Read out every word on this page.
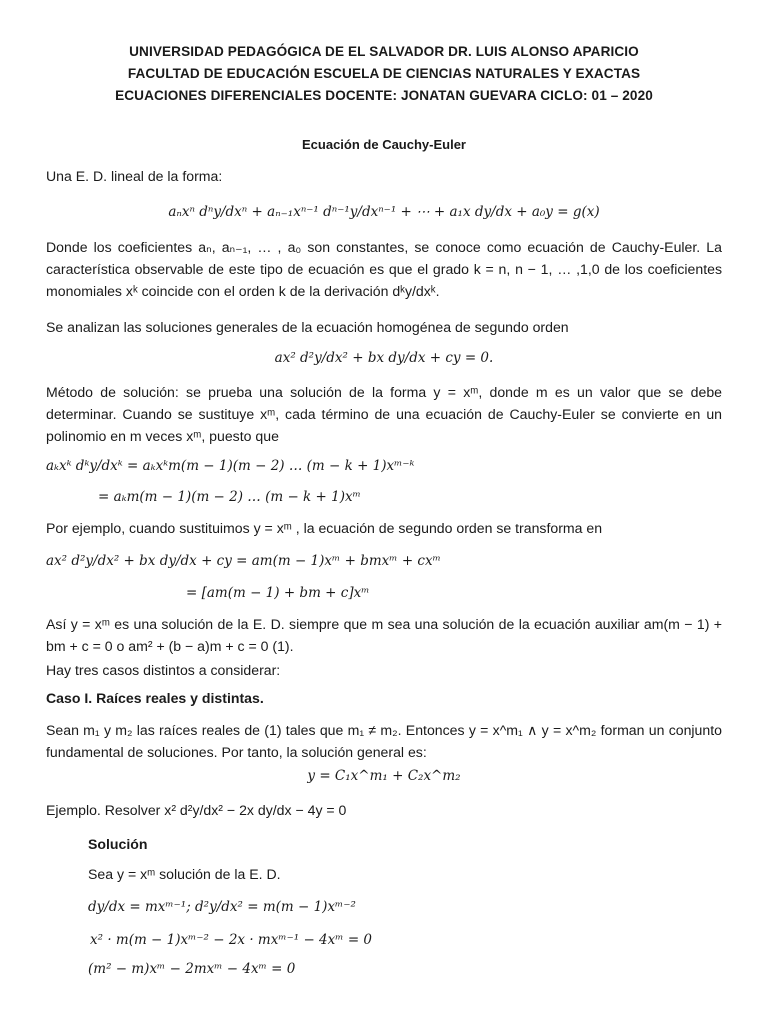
UNIVERSIDAD PEDAGÓGICA DE EL SALVADOR DR. LUIS ALONSO APARICIO
FACULTAD DE EDUCACIÓN ESCUELA DE CIENCIAS NATURALES Y EXACTAS
ECUACIONES DIFERENCIALES DOCENTE: JONATAN GUEVARA CICLO: 01 – 2020
Ecuación de Cauchy-Euler

Una E. D. lineal de la forma:

aₙxⁿ dⁿy/dxⁿ + aₙ₋₁xⁿ⁻¹ dⁿ⁻¹y/dxⁿ⁻¹ + ⋯ + a₁x dy/dx + a₀y = g(x)

Donde los coeficientes aₙ, aₙ₋₁, … , a₀ son constantes, se conoce como ecuación de Cauchy-Euler. La característica observable de este tipo de ecuación es que el grado k = n, n − 1, … ,1,0 de los coeficientes monomiales xᵏ coincide con el orden k de la derivación dᵏy/dxᵏ.

Se analizan las soluciones generales de la ecuación homogénea de segundo orden

ax² d²y/dx² + bx dy/dx + cy = 0.

Método de solución: se prueba una solución de la forma y = xᵐ, donde m es un valor que se debe determinar. Cuando se sustituye xᵐ, cada término de una ecuación de Cauchy-Euler se convierte en un polinomio en m veces xᵐ, puesto que

aₖxᵏ dᵏy/dxᵏ = aₖxᵏm(m − 1)(m − 2) … (m − k + 1)xᵐ⁻ᵏ
= aₖm(m − 1)(m − 2) … (m − k + 1)xᵐ

Por ejemplo, cuando sustituimos y = xᵐ , la ecuación de segundo orden se transforma en

ax² d²y/dx² + bx dy/dx + cy = am(m − 1)xᵐ + bmxᵐ + cxᵐ
= [am(m − 1) + bm + c]xᵐ

Así y = xᵐ es una solución de la E. D. siempre que m sea una solución de la ecuación auxiliar am(m − 1) + bm + c = 0 o am² + (b − a)m + c = 0 (1).

Hay tres casos distintos a considerar:

Caso I. Raíces reales y distintas.

Sean m₁ y m₂ las raíces reales de (1) tales que m₁ ≠ m₂. Entonces y = x^m₁ ∧ y = x^m₂ forman un conjunto fundamental de soluciones. Por tanto, la solución general es:

y = C₁x^m₁ + C₂x^m₂
Ejemplo. Resolver x² d²y/dx² − 2x dy/dx − 4y = 0
Solución
Sea y = xᵐ solución de la E. D.
dy/dx = mxᵐ⁻¹; d²y/dx² = m(m − 1)xᵐ⁻²
x² · m(m − 1)xᵐ⁻² − 2x · mxᵐ⁻¹ − 4xᵐ = 0
(m² − m)xᵐ − 2mxᵐ − 4xᵐ = 0
